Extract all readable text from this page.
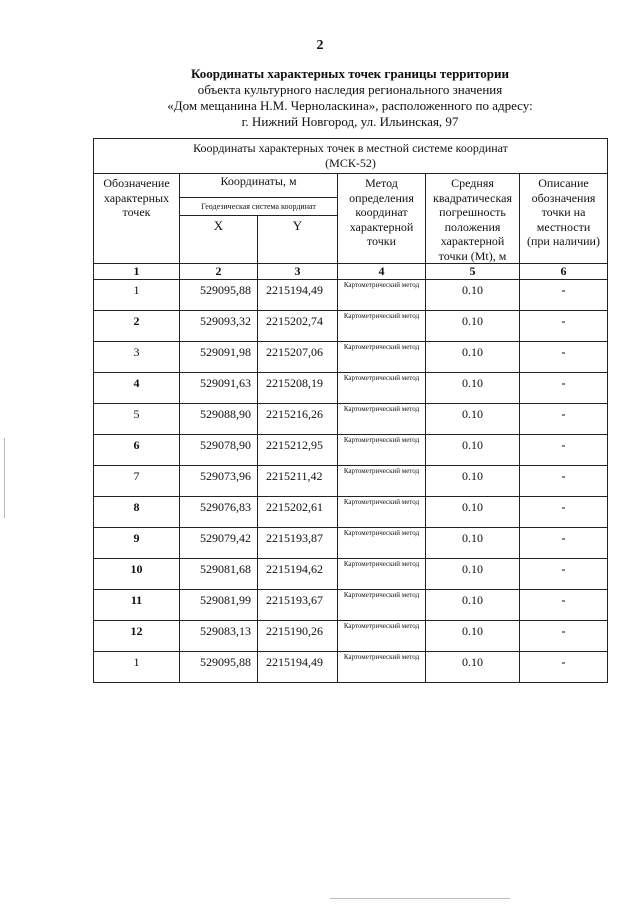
2
Координаты характерных точек границы территории
объекта культурного наследия регионального значения
«Дом мещанина Н.М. Черноласкина», расположенного по адресу:
г. Нижний Новгород, ул. Ильинская, 97
Координаты характерных точек в местной системе координат
(МСК-52)					

Обозначение характерных точек	Координаты, м		Метод определения координат характерной точки	Средняя квадратическая погрешность положения характерной точки (Mt), м	Описание обозначения точки на местности (при наличии)
	Геодезическая система координат				
	X	Y			
1	2	3	4	5	6
1	529095,88	2215194,49	Картометрический метод	0.10	-
2	529093,32	2215202,74	Картометрический метод	0.10	-
3	529091,98	2215207,06	Картометрический метод	0.10	-
4	529091,63	2215208,19	Картометрический метод	0.10	-
5	529088,90	2215216,26	Картометрический метод	0.10	-
6	529078,90	2215212,95	Картометрический метод	0.10	-
7	529073,96	2215211,42	Картометрический метод	0.10	-
8	529076,83	2215202,61	Картометрический метод	0.10	-
9	529079,42	2215193,87	Картометрический метод	0.10	-
10	529081,68	2215194,62	Картометрический метод	0.10	-
11	529081,99	2215193,67	Картометрический метод	0.10	-
12	529083,13	2215190,26	Картометрический метод	0.10	-
1	529095,88	2215194,49	Картометрический метод	0.10	-
